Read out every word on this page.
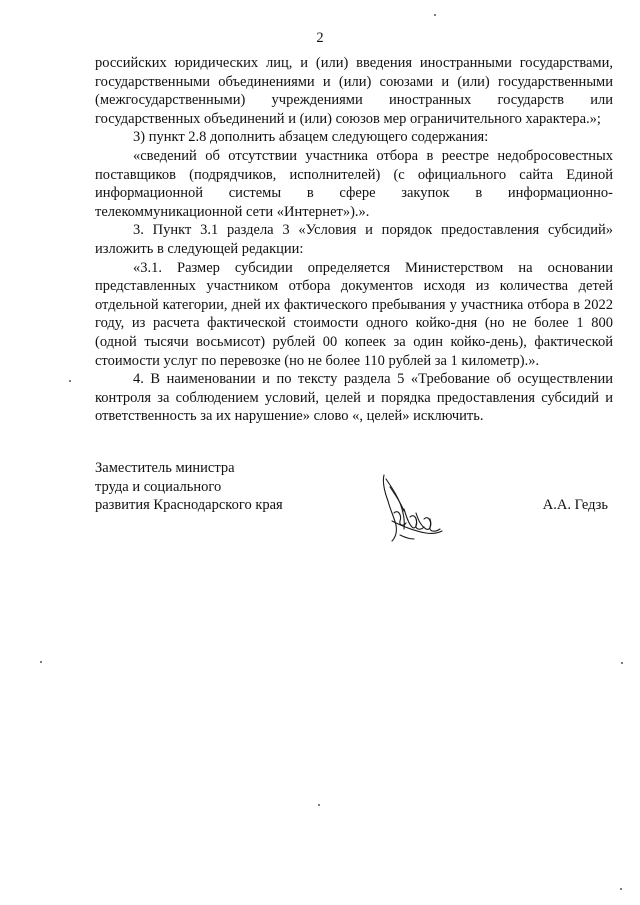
2

российских юридических лиц, и (или) введения иностранными государствами, государственными объединениями и (или) союзами и (или) государственными (межгосударственными) учреждениями иностранных государств или государственных объединений и (или) союзов мер ограничительного характера.»;

3) пункт 2.8 дополнить абзацем следующего содержания:

«сведений об отсутствии участника отбора в реестре недобросовестных поставщиков (подрядчиков, исполнителей) (с официального сайта Единой информационной системы в сфере закупок в информационно-телекоммуникационной сети «Интернет»).».

3. Пункт 3.1 раздела 3 «Условия и порядок предоставления субсидий» изложить в следующей редакции:

«3.1. Размер субсидии определяется Министерством на основании представленных участником отбора документов исходя из количества детей отдельной категории, дней их фактического пребывания у участника отбора в 2022 году, из расчета фактической стоимости одного койко-дня (но не более 1 800 (одной тысячи восьмисот) рублей 00 копеек за один койко-день), фактической стоимости услуг по перевозке (но не более 110 рублей за 1 километр).».

4. В наименовании и по тексту раздела 5 «Требование об осуществлении контроля за соблюдением условий, целей и порядка предоставления субсидий и ответственность за их нарушение» слово «, целей» исключить.

Заместитель министра
труда и социального
развития Краснодарского края	А.А. Гедзь
